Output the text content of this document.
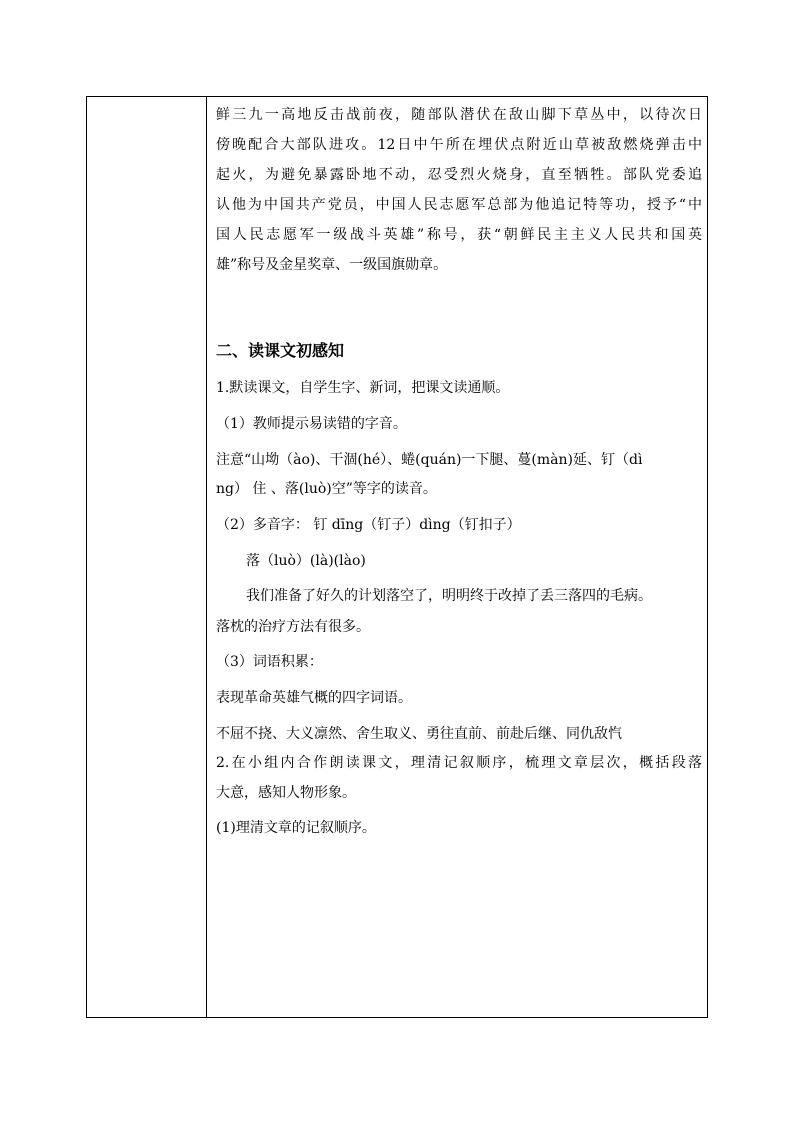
鲜三九一高地反击战前夜，随部队潜伏在敌山脚下草丛中，以待次日
傍晚配合大部队进攻。12日中午所在埋伏点附近山草被敌燃烧弹击中
起火，为避免暴露卧地不动，忍受烈火烧身，直至牺牲。部队党委追
认他为中国共产党员，中国人民志愿军总部为他追记特等功，授予“中
国人民志愿军一级战斗英雄”称号，获“朝鲜民主主义人民共和国英
雄”称号及金星奖章、一级国旗勋章。
二、读课文初感知
1.默读课文，自学生字、新词，把课文读通顺。
（1）教师提示易读错的字音。
注意“山坳（ào)、干涸(hé）、蜷(quán)一下腿、蔓(màn)延、钉（dì
ng） 住 、落(luò)空”等字的读音。
（2）多音字： 钉 dīng（钉子）dìng（钉扣子）
落（luò）(là)(lào)
我们准备了好久的计划落空了，明明终于改掉了丢三落四的毛病。
落枕的治疗方法有很多。
（3）词语积累：
表现革命英雄气概的四字词语。
不屈不挠、大义凛然、舍生取义、勇往直前、前赴后继、同仇敌忾
2.在小组内合作朗读课文，理清记叙顺序，梳理文章层次，概括段落
大意，感知人物形象。
(1)理清文章的记叙顺序。
